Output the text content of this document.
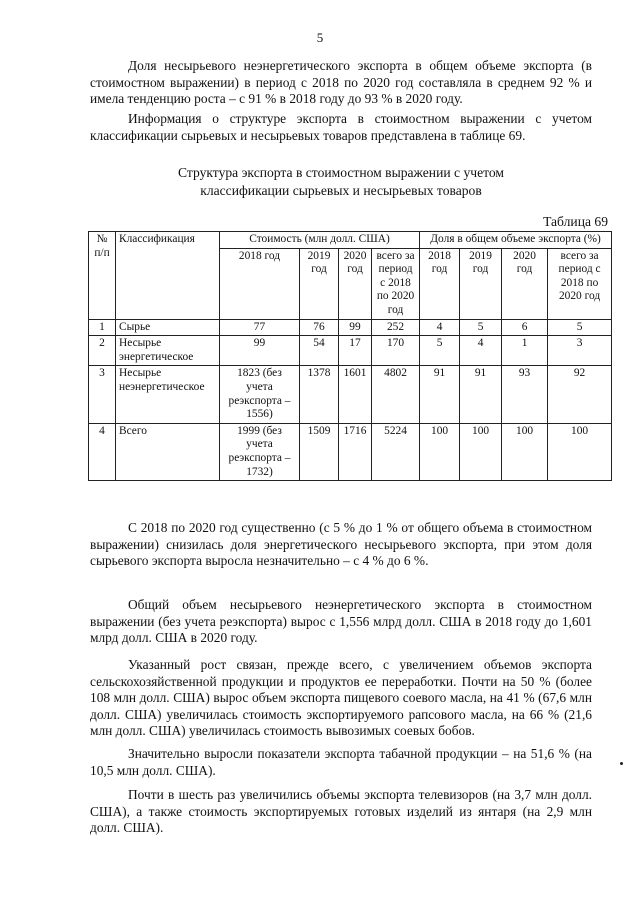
5

Доля несырьевого неэнергетического экспорта в общем объеме экспорта (в стоимостном выражении) в период с 2018 по 2020 год составляла в среднем 92 % и имела тенденцию роста – с 91 % в 2018 году до 93 % в 2020 году.

Информация о структуре экспорта в стоимостном выражении с учетом классификации сырьевых и несырьевых товаров представлена в таблице 69.

Структура экспорта в стоимостном выражении с учетом
классификации сырьевых и несырьевых товаров
Таблица 69
№ п/п	Классификация	Стоимость (млн долл. США)				Доля в общем объеме экспорта (%)			
		2018 год	2019 год	2020 год	всего за период с 2018 по 2020 год	2018 год	2019 год	2020 год	всего за период с 2018 по 2020 год
1	Сырье	77	76	99	252	4	5	6	5
2	Несырье энергетическое	99	54	17	170	5	4	1	3
3	Несырье неэнергетическое	1823 (без учета реэкспорта – 1556)	1378	1601	4802	91	91	93	92
4	Всего	1999 (без учета реэкспорта – 1732)	1509	1716	5224	100	100	100	100

С 2018 по 2020 год существенно (с 5 % до 1 % от общего объема в стоимостном выражении) снизилась доля энергетического несырьевого экспорта, при этом доля сырьевого экспорта выросла незначительно – с 4 % до 6 %.

Общий объем несырьевого неэнергетического экспорта в стоимостном выражении (без учета реэкспорта) вырос с 1,556 млрд долл. США в 2018 году до 1,601 млрд долл. США в 2020 году.

Указанный рост связан, прежде всего, с увеличением объемов экспорта сельскохозяйственной продукции и продуктов ее переработки. Почти на 50 % (более 108 млн долл. США) вырос объем экспорта пищевого соевого масла, на 41 % (67,6 млн долл. США) увеличилась стоимость экспортируемого рапсового масла, на 66 % (21,6 млн долл. США) увеличилась стоимость вывозимых соевых бобов.

Значительно выросли показатели экспорта табачной продукции – на 51,6 % (на 10,5 млн долл. США).

Почти в шесть раз увеличились объемы экспорта телевизоров (на 3,7 млн долл. США), а также стоимость экспортируемых готовых изделий из янтаря (на 2,9 млн долл. США).
